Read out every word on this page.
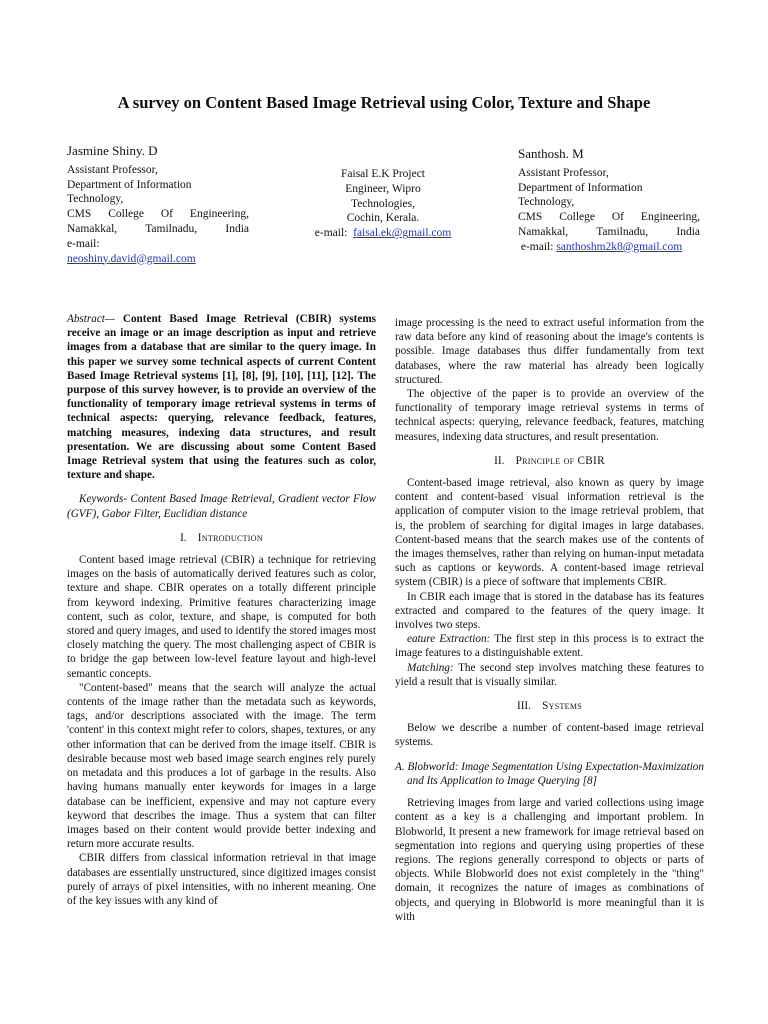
A survey on Content Based Image Retrieval using Color, Texture and Shape
Jasmine Shiny. D
Assistant Professor,
Department of Information Technology,
CMS College Of Engineering, Namakkal, Tamilnadu, India
e-mail:
neoshiny.david@gmail.com
Faisal E.K Project
Engineer, Wipro
Technologies,
Cochin, Kerala.
e-mail: faisal.ek@gmail.com
Santhosh. M
Assistant Professor,
Department of Information Technology,
CMS College Of Engineering, Namakkal, Tamilnadu, India
e-mail: santhoshm2k8@gmail.com

Abstract— Content Based Image Retrieval (CBIR) systems receive an image or an image description as input and retrieve images from a database that are similar to the query image. In this paper we survey some technical aspects of current Content Based Image Retrieval systems [1], [8], [9], [10], [11], [12]. The purpose of this survey however, is to provide an overview of the functionality of temporary image retrieval systems in terms of technical aspects: querying, relevance feedback, features, matching measures, indexing data structures, and result presentation. We are discussing about some Content Based Image Retrieval system that using the features such as color, texture and shape.

Keywords- Content Based Image Retrieval, Gradient vector Flow (GVF), Gabor Filter, Euclidian distance

I. Introduction

Content based image retrieval (CBIR) a technique for retrieving images on the basis of automatically derived features such as color, texture and shape. CBIR operates on a totally different principle from keyword indexing. Primitive features characterizing image content, such as color, texture, and shape, is computed for both stored and query images, and used to identify the stored images most closely matching the query. The most challenging aspect of CBIR is to bridge the gap between low-level feature layout and high-level semantic concepts.

"Content-based" means that the search will analyze the actual contents of the image rather than the metadata such as keywords, tags, and/or descriptions associated with the image. The term 'content' in this context might refer to colors, shapes, textures, or any other information that can be derived from the image itself. CBIR is desirable because most web based image search engines rely purely on metadata and this produces a lot of garbage in the results. Also having humans manually enter keywords for images in a large database can be inefficient, expensive and may not capture every keyword that describes the image. Thus a system that can filter images based on their content would provide better indexing and return more accurate results.

CBIR differs from classical information retrieval in that image databases are essentially unstructured, since digitized images consist purely of arrays of pixel intensities, with no inherent meaning. One of the key issues with any kind of

image processing is the need to extract useful information from the raw data before any kind of reasoning about the image's contents is possible. Image databases thus differ fundamentally from text databases, where the raw material has already been logically structured.

The objective of the paper is to provide an overview of the functionality of temporary image retrieval systems in terms of technical aspects: querying, relevance feedback, features, matching measures, indexing data structures, and result presentation.

II. Principle of CBIR

Content-based image retrieval, also known as query by image content and content-based visual information retrieval is the application of computer vision to the image retrieval problem, that is, the problem of searching for digital images in large databases. Content-based means that the search makes use of the contents of the images themselves, rather than relying on human-input metadata such as captions or keywords. A content-based image retrieval system (CBIR) is a piece of software that implements CBIR.

In CBIR each image that is stored in the database has its features extracted and compared to the features of the query image. It involves two steps.

eature Extraction: The first step in this process is to extract the image features to a distinguishable extent.

Matching: The second step involves matching these features to yield a result that is visually similar.

III. Systems

Below we describe a number of content-based image retrieval systems.

A. Blobworld: Image Segmentation Using Expectation-Maximization and Its Application to Image Querying [8]

Retrieving images from large and varied collections using image content as a key is a challenging and important problem. In Blobworld, It present a new framework for image retrieval based on segmentation into regions and querying using properties of these regions. The regions generally correspond to objects or parts of objects. While Blobworld does not exist completely in the "thing" domain, it recognizes the nature of images as combinations of objects, and querying in Blobworld is more meaningful than it is with
